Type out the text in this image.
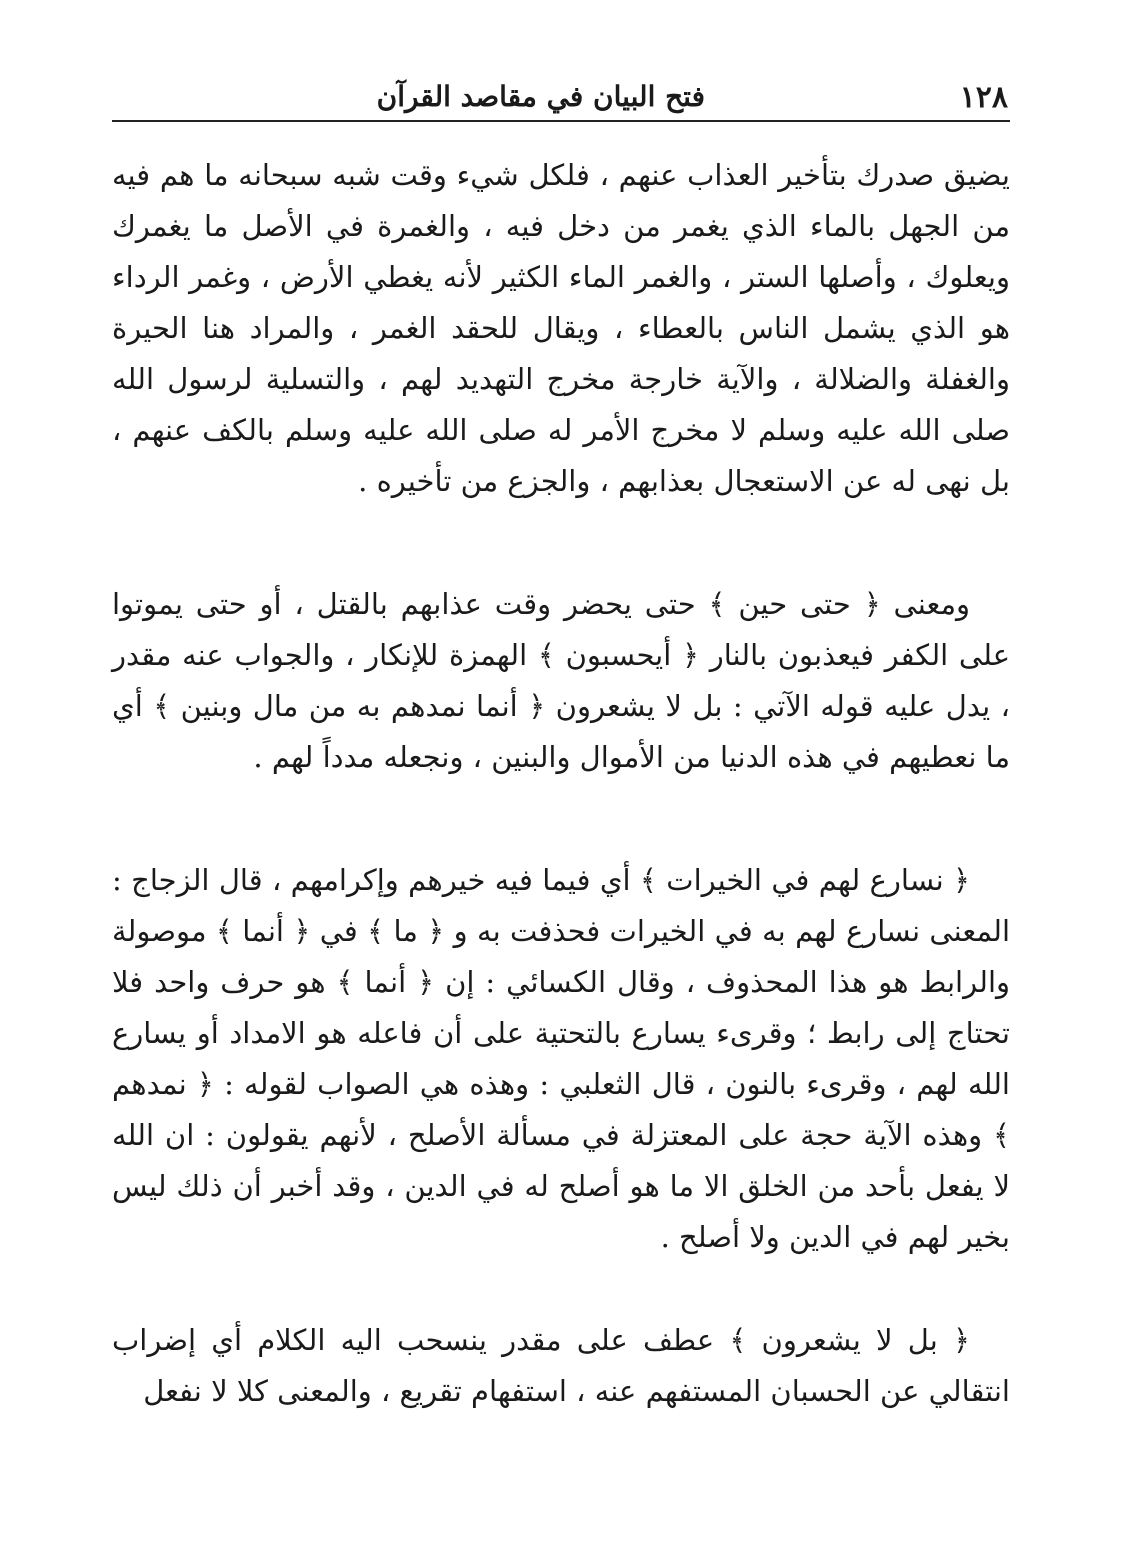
١٢٨
فتح البيان في مقاصد القرآن

يضيق صدرك بتأخير العذاب عنهم ، فلكل شيء وقت شبه سبحانه ما هم فيه من الجهل بالماء الذي يغمر من دخل فيه ، والغمرة في الأصل ما يغمرك ويعلوك ، وأصلها الستر ، والغمر الماء الكثير لأنه يغطي الأرض ، وغمر الرداء هو الذي يشمل الناس بالعطاء ، ويقال للحقد الغمر ، والمراد هنا الحيرة والغفلة والضلالة ، والآية خارجة مخرج التهديد لهم ، والتسلية لرسول الله صلى الله عليه وسلم لا مخرج الأمر له صلى الله عليه وسلم بالكف عنهم ، بل نهى له عن الاستعجال بعذابهم ، والجزع من تأخيره .

ومعنى ﴿ حتى حين ﴾ حتى يحضر وقت عذابهم بالقتل ، أو حتى يموتوا على الكفر فيعذبون بالنار ﴿ أيحسبون ﴾ الهمزة للإنكار ، والجواب عنه مقدر ، يدل عليه قوله الآتي : بل لا يشعرون ﴿ أنما نمدهم به من مال وبنين ﴾ أي ما نعطيهم في هذه الدنيا من الأموال والبنين ، ونجعله مدداً لهم .

﴿ نسارع لهم في الخيرات ﴾ أي فيما فيه خيرهم وإكرامهم ، قال الزجاج : المعنى نسارع لهم به في الخيرات فحذفت به و ﴿ ما ﴾ في ﴿ أنما ﴾ موصولة والرابط هو هذا المحذوف ، وقال الكسائي : إن ﴿ أنما ﴾ هو حرف واحد فلا تحتاج إلى رابط ؛ وقرىء يسارع بالتحتية على أن فاعله هو الامداد أو يسارع الله لهم ، وقرىء بالنون ، قال الثعلبي : وهذه هي الصواب لقوله : ﴿ نمدهم ﴾ وهذه الآية حجة على المعتزلة في مسألة الأصلح ، لأنهم يقولون : ان الله لا يفعل بأحد من الخلق الا ما هو أصلح له في الدين ، وقد أخبر أن ذلك ليس بخير لهم في الدين ولا أصلح .

﴿ بل لا يشعرون ﴾ عطف على مقدر ينسحب اليه الكلام أي إضراب انتقالي عن الحسبان المستفهم عنه ، استفهام تقريع ، والمعنى كلا لا نفعل
